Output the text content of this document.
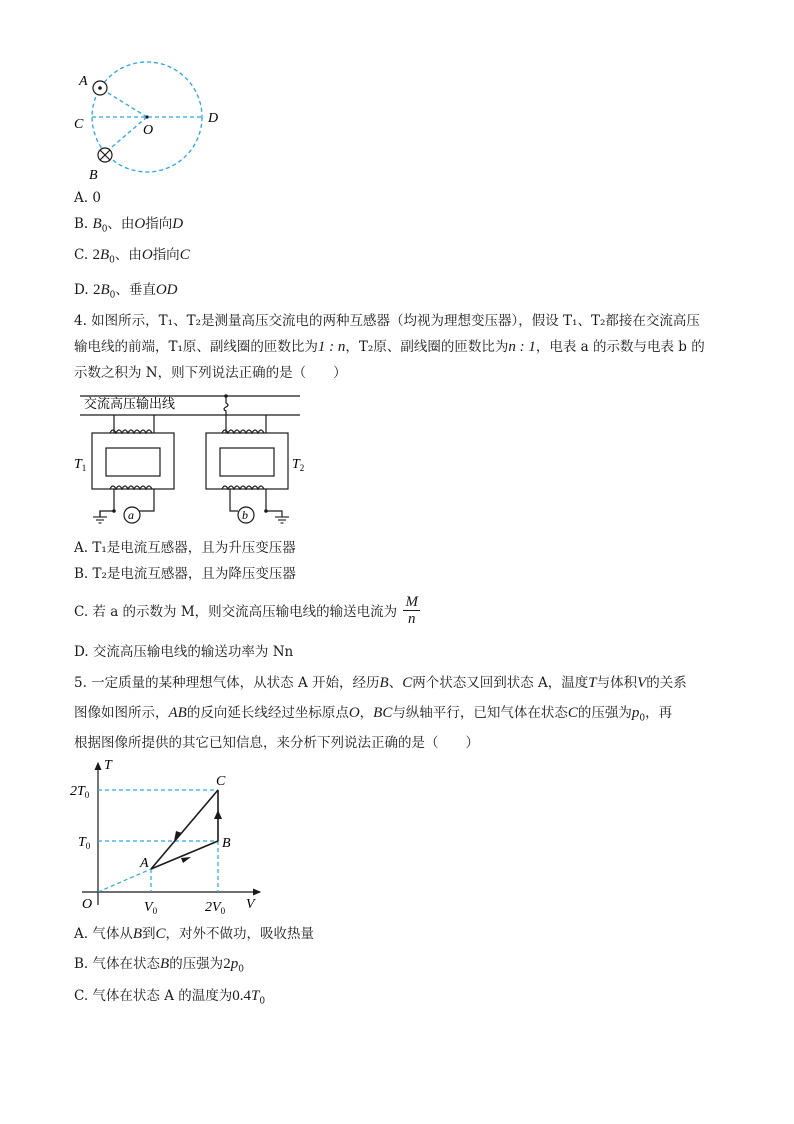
A
C	O
D
B
A. 0
B. $B_0$、由O指向D
C. $2B_0$、由O指向C
D. $2B_0$、垂直OD
4. 如图所示，T₁、T₂是测量高压交流电的两种互感器（均视为理想变压器），假设 T₁、T₂都接在交流高压
输电线的前端，T₁原、副线圈的匝数比为1 : n，T₂原、副线圈的匝数比为n : 1，电表 a 的示数与电表 b 的
示数之积为 N，则下列说法正确的是（　　）
交流高压输出线
a
$T_1$
b
$T_2$
A. T₁是电流互感器，且为升压变压器
B. T₂是电流互感器，且为降压变压器
C. 若 a 的示数为 M，则交流高压输电线的输送电流为 $\frac{M}{n}$
D. 交流高压输电线的输送功率为 Nn
5. 一定质量的某种理想气体，从状态 A 开始，经历B、C两个状态又回到状态 A，温度T与体积V的关系
图像如图所示，AB的反向延长线经过坐标原点O，BC与纵轴平行，已知气体在状态C的压强为$p_0$，再
根据图像所提供的其它已知信息，来分析下列说法正确的是（　　）
T
V
O
$2T_0$
$T_0$
$V_0$	$2V_0$
A
B
C
A. 气体从B到C，对外不做功，吸收热量
B. 气体在状态B的压强为$2p_0$
C. 气体在状态 A 的温度为$0.4T_0$
